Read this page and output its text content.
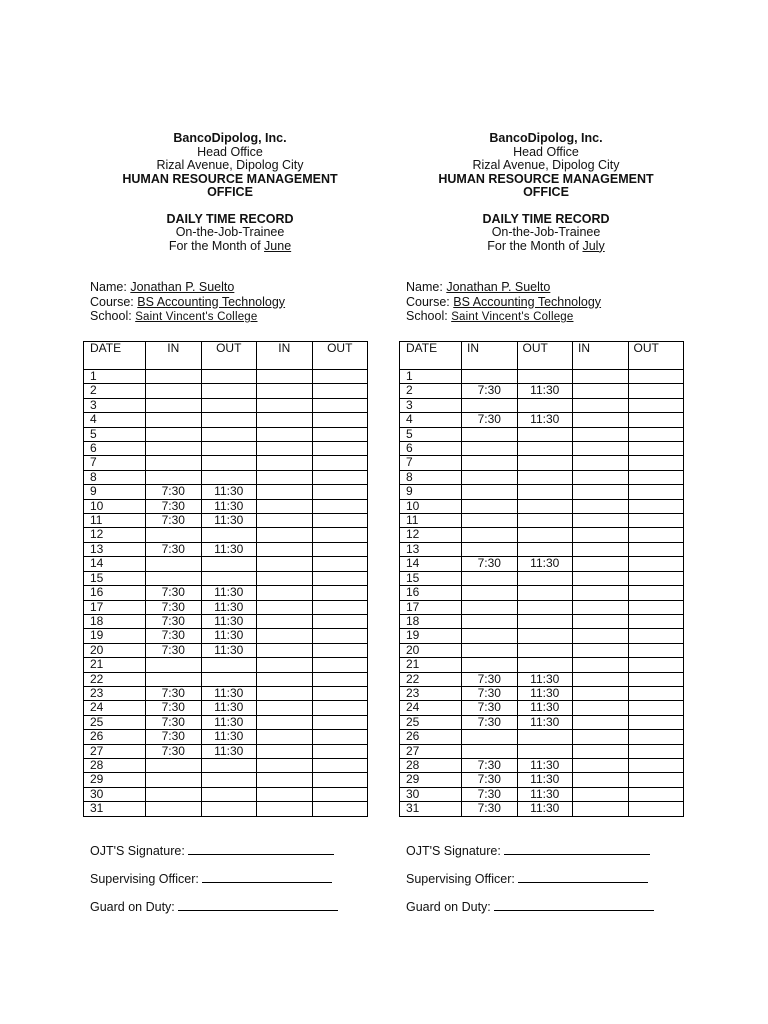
BancoDipolog, Inc.
Head Office
Rizal Avenue, Dipolog City
HUMAN RESOURCE MANAGEMENT
OFFICE
DAILY TIME RECORD
On-the-Job-Trainee
For the Month of June
Name: Jonathan P. Suelto
Course: BS Accounting Technology
School: Saint Vincent's College
DATE	IN	OUT	IN	OUT
1				
2				
3				
4				
5				
6				
7				
8				
9	7:30	11:30		
10	7:30	11:30		
11	7:30	11:30		
12				
13	7:30	11:30		
14				
15				
16	7:30	11:30		
17	7:30	11:30		
18	7:30	11:30		
19	7:30	11:30		
20	7:30	11:30		
21				
22				
23	7:30	11:30		
24	7:30	11:30		
25	7:30	11:30		
26	7:30	11:30		
27	7:30	11:30		
28				
29				
30				
31				
OJT'S Signature:
Supervising Officer:
Guard on Duty:
BancoDipolog, Inc.
Head Office
Rizal Avenue, Dipolog City
HUMAN RESOURCE MANAGEMENT
OFFICE
DAILY TIME RECORD
On-the-Job-Trainee
For the Month of July
Name: Jonathan P. Suelto
Course: BS Accounting Technology
School: Saint Vincent's College
DATE	IN	OUT	IN	OUT
1				
2	7:30	11:30		
3				
4	7:30	11:30		
5				
6				
7				
8				
9				
10				
11				
12				
13				
14	7:30	11:30		
15				
16				
17				
18				
19				
20				
21				
22	7:30	11:30		
23	7:30	11:30		
24	7:30	11:30		
25	7:30	11:30		
26				
27				
28	7:30	11:30		
29	7:30	11:30		
30	7:30	11:30		
31	7:30	11:30		
OJT'S Signature:
Supervising Officer:
Guard on Duty:
